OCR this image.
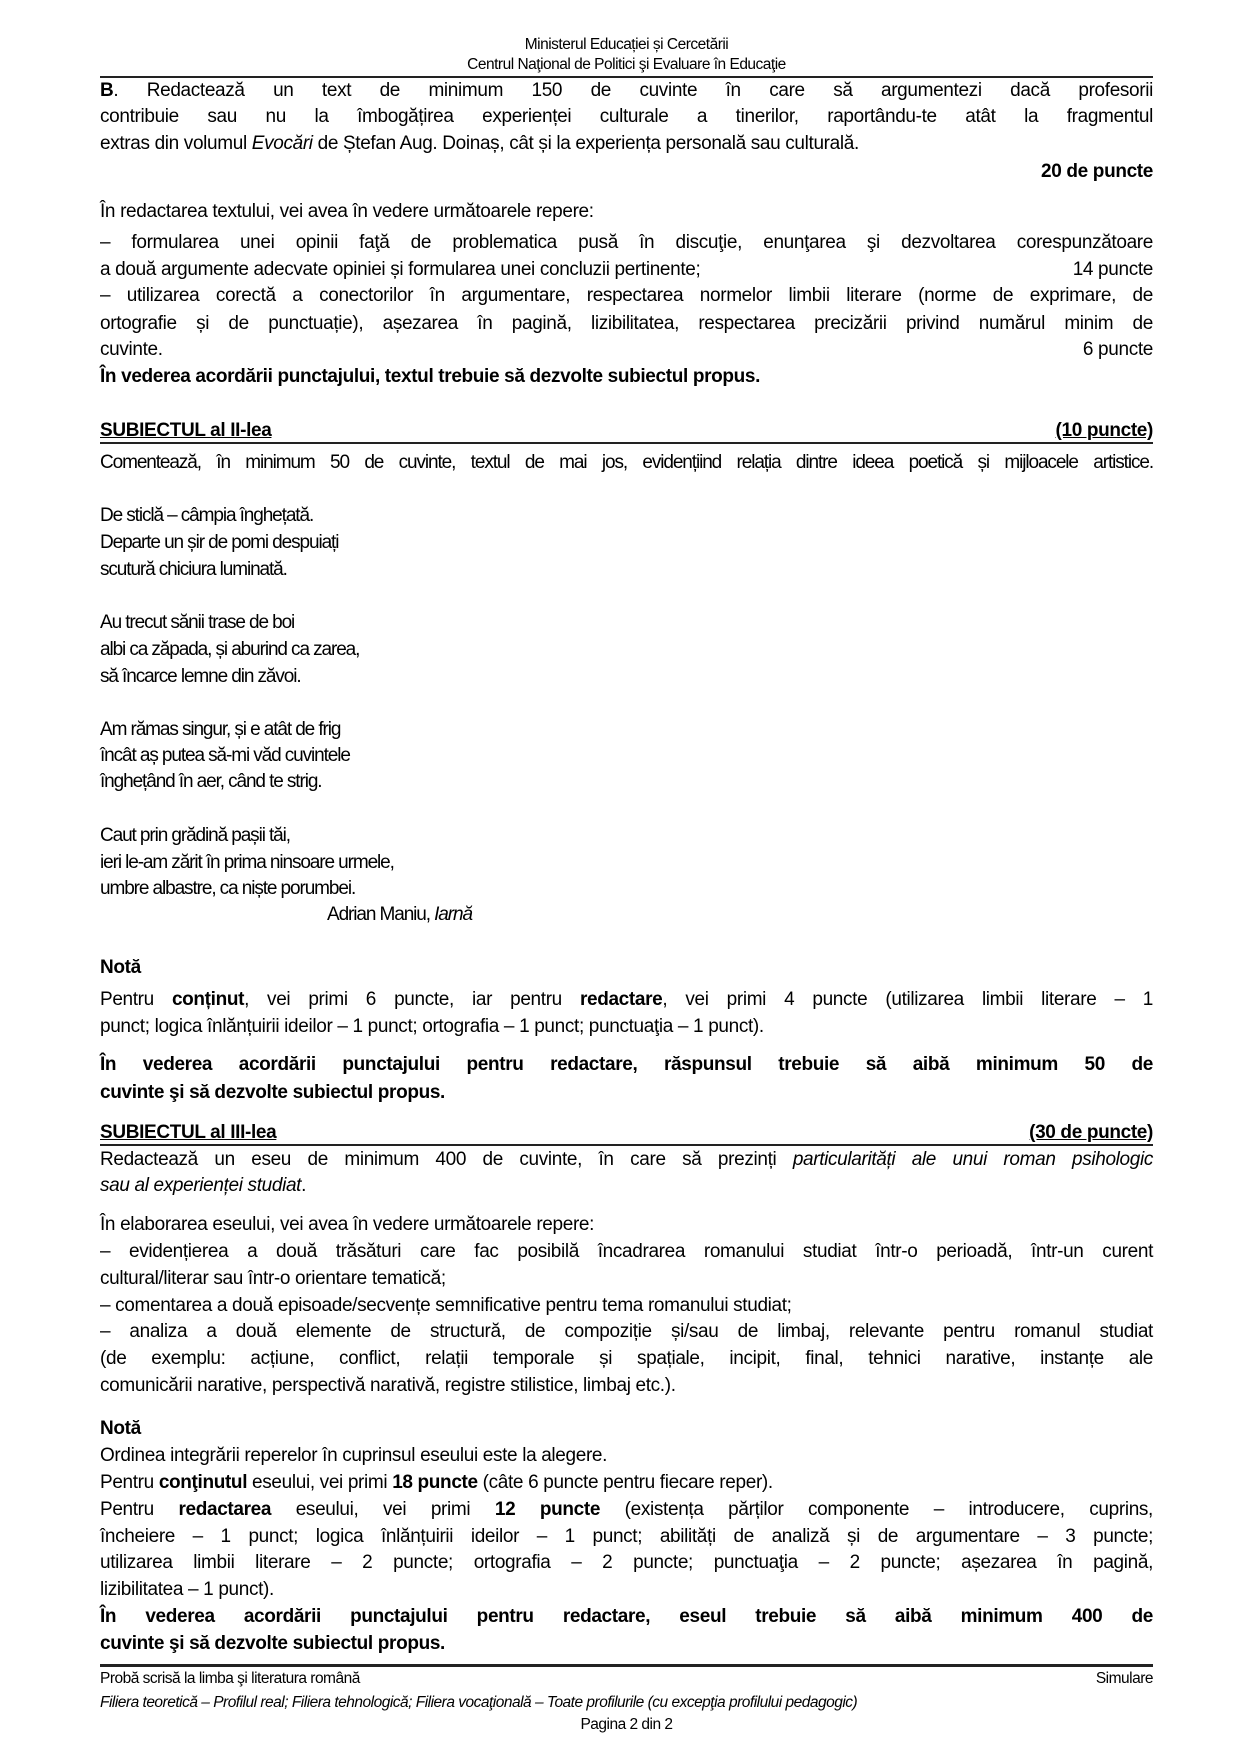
Ministerul Educației și Cercetării
Centrul Naţional de Politici şi Evaluare în Educaţie
B. Redactează un text de minimum 150 de cuvinte în care să argumentezi dacă profesorii
contribuie sau nu la îmbogățirea experienței culturale a tinerilor, raportându-te atât la fragmentul
extras din volumul Evocări de Ștefan Aug. Doinaș, cât și la experiența personală sau culturală.
20 de puncte
În redactarea textului, vei avea în vedere următoarele repere:
– formularea unei opinii faţă de problematica pusă în discuţie, enunţarea şi dezvoltarea corespunzătoare
a două argumente adecvate opiniei și formularea unei concluzii pertinente;	14 puncte
– utilizarea corectă a conectorilor în argumentare, respectarea normelor limbii literare (norme de exprimare, de
ortografie și de punctuație), așezarea în pagină, lizibilitatea, respectarea precizării privind numărul minim de
cuvinte.	6 puncte
În vederea acordării punctajului, textul trebuie să dezvolte subiectul propus.
SUBIECTUL al II-lea	(10 puncte)
Comentează, în minimum 50 de cuvinte, textul de mai jos, evidențiind relația dintre ideea poetică și mijloacele artistice.
De sticlă – câmpia înghețată.
Departe un șir de pomi despuiați
scutură chiciura luminată.
Au trecut sănii trase de boi
albi ca zăpada, și aburind ca zarea,
să încarce lemne din zăvoi.
Am rămas singur, și e atât de frig
încât aș putea să-mi văd cuvintele
înghețând în aer, când te strig.
Caut prin grădină pașii tăi,
ieri le-am zărit în prima ninsoare urmele,
umbre albastre, ca niște porumbei.
Adrian Maniu, Iarnă
Notă
Pentru conținut, vei primi 6 puncte, iar pentru redactare, vei primi 4 puncte (utilizarea limbii literare – 1
punct; logica înlănțuirii ideilor – 1 punct; ortografia – 1 punct; punctuaţia – 1 punct).
În vederea acordării punctajului pentru redactare, răspunsul trebuie să aibă minimum 50 de
cuvinte şi să dezvolte subiectul propus.
SUBIECTUL al III-lea	(30 de puncte)
Redactează un eseu de minimum 400 de cuvinte, în care să prezinți particularități ale unui roman psihologic
sau al experienței studiat.
În elaborarea eseului, vei avea în vedere următoarele repere:
– evidențierea a două trăsături care fac posibilă încadrarea romanului studiat într-o perioadă, într-un curent
cultural/literar sau într-o orientare tematică;
– comentarea a două episoade/secvențe semnificative pentru tema romanului studiat;
– analiza a două elemente de structură, de compoziție și/sau de limbaj, relevante pentru romanul studiat
(de exemplu: acțiune, conflict, relații temporale și spațiale, incipit, final, tehnici narative, instanțe ale
comunicării narative, perspectivă narativă, registre stilistice, limbaj etc.).
Notă
Ordinea integrării reperelor în cuprinsul eseului este la alegere.
Pentru conţinutul eseului, vei primi 18 puncte (câte 6 puncte pentru fiecare reper).
Pentru redactarea eseului, vei primi 12 puncte (existența părților componente – introducere, cuprins,
încheiere – 1 punct; logica înlănțuirii ideilor – 1 punct; abilități de analiză și de argumentare – 3 puncte;
utilizarea limbii literare – 2 puncte; ortografia – 2 puncte; punctuaţia – 2 puncte; așezarea în pagină,
lizibilitatea – 1 punct).
În vederea acordării punctajului pentru redactare, eseul trebuie să aibă minimum 400 de
cuvinte şi să dezvolte subiectul propus.
Probă scrisă la limba şi literatura română	Simulare
Filiera teoretică – Profilul real; Filiera tehnologică; Filiera vocaţională – Toate profilurile (cu excepţia profilului pedagogic)
Pagina 2 din 2
